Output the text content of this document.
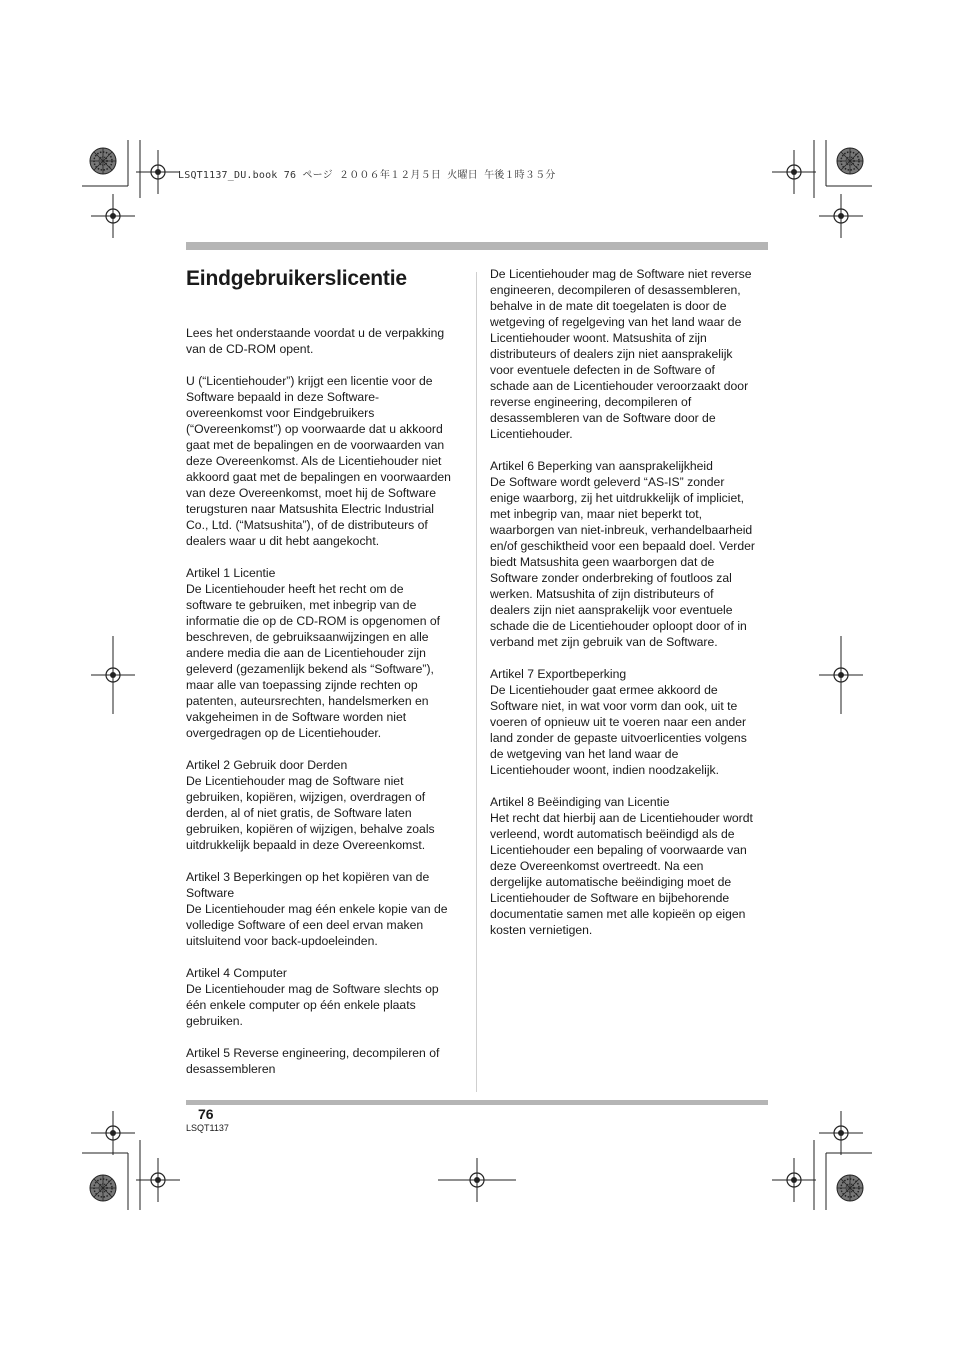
LSQT1137_DU.book 76 ページ ２００６年１２月５日 火曜日 午後１時３５分
Eindgebruikerslicentie

Lees het onderstaande voordat u de verpakking
van de CD-ROM opent.

U (“Licentiehouder”) krijgt een licentie voor de
Software bepaald in deze Software-
overeenkomst voor Eindgebruikers
(“Overeenkomst”) op voorwaarde dat u akkoord
gaat met de bepalingen en de voorwaarden van
deze Overeenkomst. Als de Licentiehouder niet
akkoord gaat met de bepalingen en voorwaarden
van deze Overeenkomst, moet hij de Software
terugsturen naar Matsushita Electric Industrial
Co., Ltd. (“Matsushita”), of de distributeurs of
dealers waar u dit hebt aangekocht.

Artikel 1 Licentie
De Licentiehouder heeft het recht om de
software te gebruiken, met inbegrip van de
informatie die op de CD-ROM is opgenomen of
beschreven, de gebruiksaanwijzingen en alle
andere media die aan de Licentiehouder zijn
geleverd (gezamenlijk bekend als “Software”),
maar alle van toepassing zijnde rechten op
patenten, auteursrechten, handelsmerken en
vakgeheimen in de Software worden niet
overgedragen op de Licentiehouder.

Artikel 2 Gebruik door Derden
De Licentiehouder mag de Software niet
gebruiken, kopiëren, wijzigen, overdragen of
derden, al of niet gratis, de Software laten
gebruiken, kopiëren of wijzigen, behalve zoals
uitdrukkelijk bepaald in deze Overeenkomst.

Artikel 3 Beperkingen op het kopiëren van de
Software
De Licentiehouder mag één enkele kopie van de
volledige Software of een deel ervan maken
uitsluitend voor back-updoeleinden.

Artikel 4 Computer
De Licentiehouder mag de Software slechts op
één enkele computer op één enkele plaats
gebruiken.

Artikel 5 Reverse engineering, decompileren of
desassembleren

De Licentiehouder mag de Software niet reverse
engineeren, decompileren of desassembleren,
behalve in de mate dit toegelaten is door de
wetgeving of regelgeving van het land waar de
Licentiehouder woont. Matsushita of zijn
distributeurs of dealers zijn niet aansprakelijk
voor eventuele defecten in de Software of
schade aan de Licentiehouder veroorzaakt door
reverse engineering, decompileren of
desassembleren van de Software door de
Licentiehouder.

Artikel 6 Beperking van aansprakelijkheid
De Software wordt geleverd “AS-IS” zonder
enige waarborg, zij het uitdrukkelijk of impliciet,
met inbegrip van, maar niet beperkt tot,
waarborgen van niet-inbreuk, verhandelbaarheid
en/of geschiktheid voor een bepaald doel. Verder
biedt Matsushita geen waarborgen dat de
Software zonder onderbreking of foutloos zal
werken. Matsushita of zijn distributeurs of
dealers zijn niet aansprakelijk voor eventuele
schade die de Licentiehouder oploopt door of in
verband met zijn gebruik van de Software.

Artikel 7 Exportbeperking
De Licentiehouder gaat ermee akkoord de
Software niet, in wat voor vorm dan ook, uit te
voeren of opnieuw uit te voeren naar een ander
land zonder de gepaste uitvoerlicenties volgens
de wetgeving van het land waar de
Licentiehouder woont, indien noodzakelijk.

Artikel 8 Beëindiging van Licentie
Het recht dat hierbij aan de Licentiehouder wordt
verleend, wordt automatisch beëindigd als de
Licentiehouder een bepaling of voorwaarde van
deze Overeenkomst overtreedt. Na een
dergelijke automatische beëindiging moet de
Licentiehouder de Software en bijbehorende
documentatie samen met alle kopieën op eigen
kosten vernietigen.

76
LSQT1137
